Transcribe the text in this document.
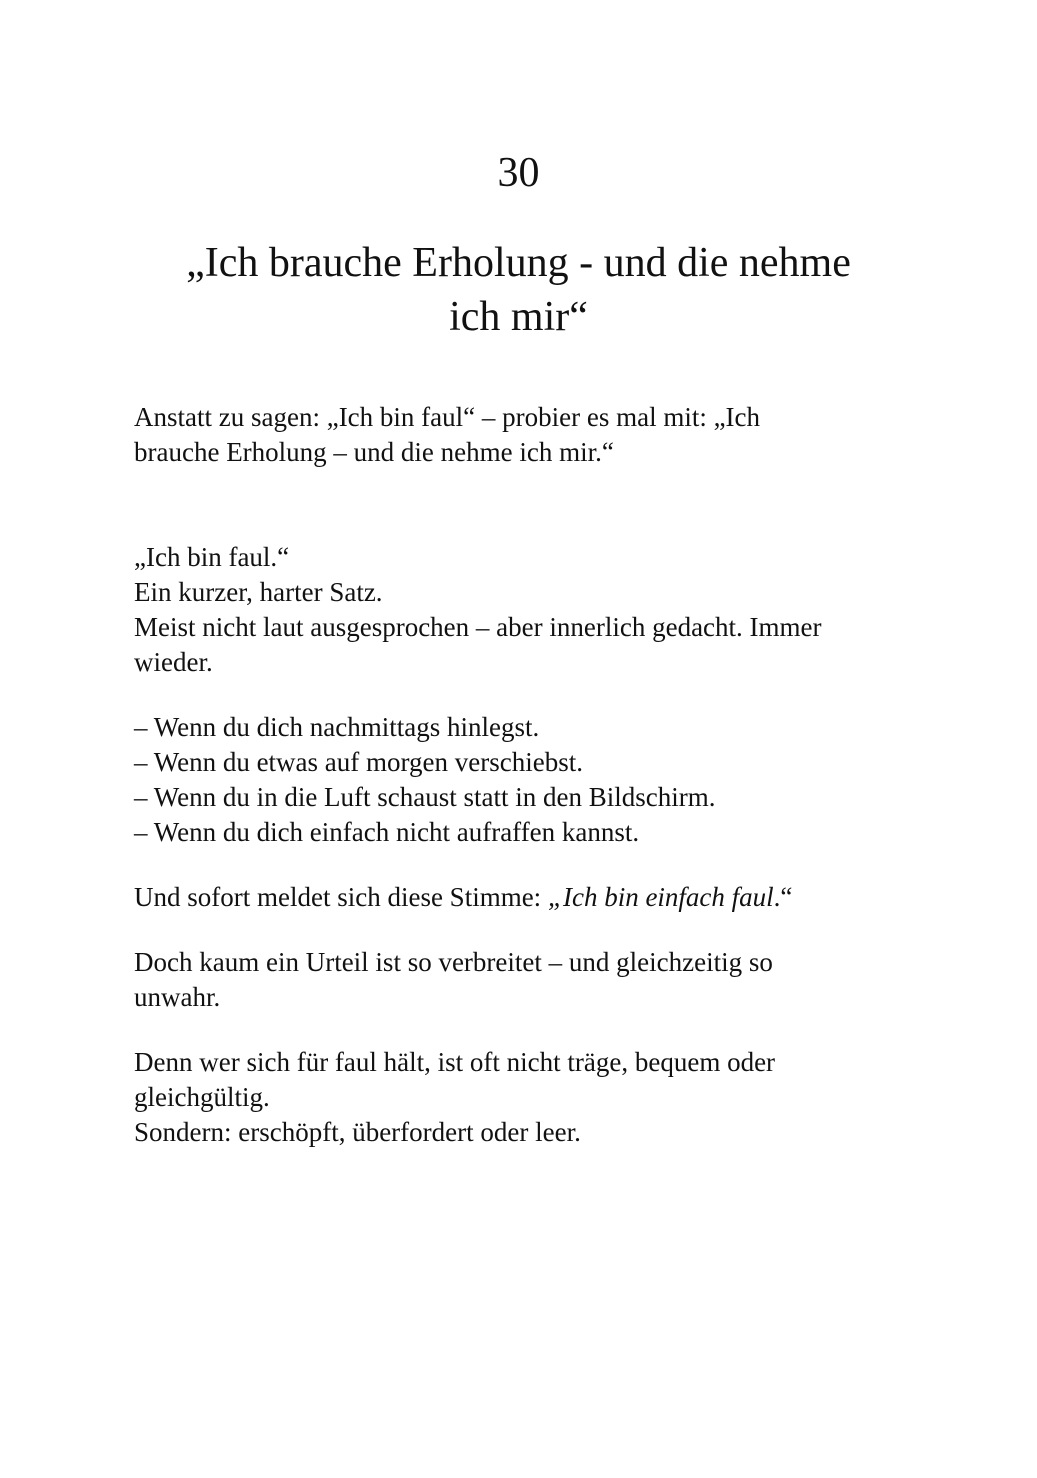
30
„Ich brauche Erholung - und die nehme
ich mir“

Anstatt zu sagen: „Ich bin faul“ – probier es mal mit: „Ich
brauche Erholung – und die nehme ich mir.“

„Ich bin faul.“
Ein kurzer, harter Satz.
Meist nicht laut ausgesprochen – aber innerlich gedacht. Immer
wieder.

– Wenn du dich nachmittags hinlegst.
– Wenn du etwas auf morgen verschiebst.
– Wenn du in die Luft schaust statt in den Bildschirm.
– Wenn du dich einfach nicht aufraffen kannst.

Und sofort meldet sich diese Stimme: „Ich bin einfach faul.“

Doch kaum ein Urteil ist so verbreitet – und gleichzeitig so
unwahr.

Denn wer sich für faul hält, ist oft nicht träge, bequem oder
gleichgültig.
Sondern: erschöpft, überfordert oder leer.
